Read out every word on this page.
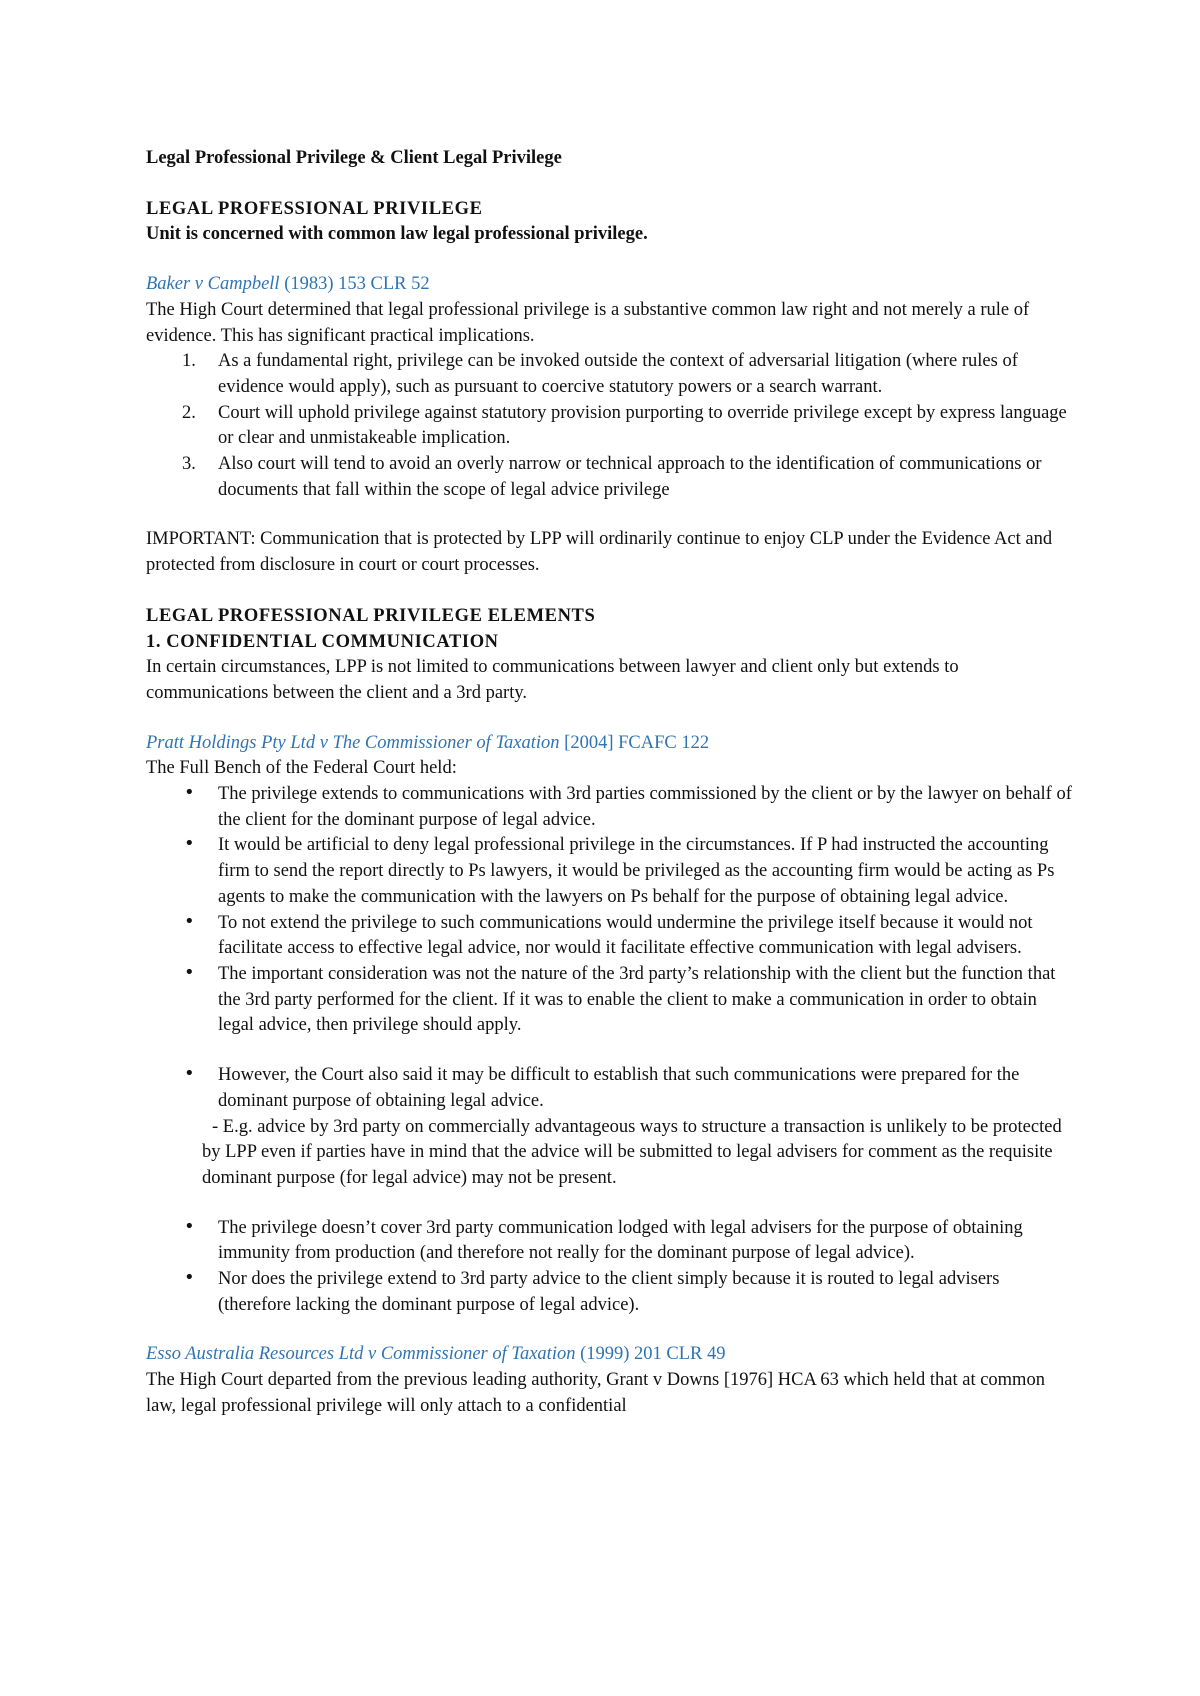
Legal Professional Privilege & Client Legal Privilege

LEGAL PROFESSIONAL PRIVILEGE

Unit is concerned with common law legal professional privilege.

Baker v Campbell (1983) 153 CLR 52

The High Court determined that legal professional privilege is a substantive common law right and not merely a rule of evidence. This has significant practical implications.

1. As a fundamental right, privilege can be invoked outside the context of adversarial litigation (where rules of evidence would apply), such as pursuant to coercive statutory powers or a search warrant.
2. Court will uphold privilege against statutory provision purporting to override privilege except by express language or clear and unmistakeable implication.
3. Also court will tend to avoid an overly narrow or technical approach to the identification of communications or documents that fall within the scope of legal advice privilege

IMPORTANT: Communication that is protected by LPP will ordinarily continue to enjoy CLP under the Evidence Act and protected from disclosure in court or court processes.

LEGAL PROFESSIONAL PRIVILEGE ELEMENTS

1. CONFIDENTIAL COMMUNICATION

In certain circumstances, LPP is not limited to communications between lawyer and client only but extends to communications between the client and a 3rd party.

Pratt Holdings Pty Ltd v The Commissioner of Taxation [2004] FCAFC 122

The Full Bench of the Federal Court held:

• The privilege extends to communications with 3rd parties commissioned by the client or by the lawyer on behalf of the client for the dominant purpose of legal advice.
• It would be artificial to deny legal professional privilege in the circumstances. If P had instructed the accounting firm to send the report directly to Ps lawyers, it would be privileged as the accounting firm would be acting as Ps agents to make the communication with the lawyers on Ps behalf for the purpose of obtaining legal advice.
• To not extend the privilege to such communications would undermine the privilege itself because it would not facilitate access to effective legal advice, nor would it facilitate effective communication with legal advisers.
• The important consideration was not the nature of the 3rd party’s relationship with the client but the function that the 3rd party performed for the client. If it was to enable the client to make a communication in order to obtain legal advice, then privilege should apply.
• However, the Court also said it may be difficult to establish that such communications were prepared for the dominant purpose of obtaining legal advice.

- E.g. advice by 3rd party on commercially advantageous ways to structure a transaction is unlikely to be protected by LPP even if parties have in mind that the advice will be submitted to legal advisers for comment as the requisite dominant purpose (for legal advice) may not be present.

• The privilege doesn’t cover 3rd party communication lodged with legal advisers for the purpose of obtaining immunity from production (and therefore not really for the dominant purpose of legal advice).
• Nor does the privilege extend to 3rd party advice to the client simply because it is routed to legal advisers (therefore lacking the dominant purpose of legal advice).

Esso Australia Resources Ltd v Commissioner of Taxation (1999) 201 CLR 49

The High Court departed from the previous leading authority, Grant v Downs [1976] HCA 63 which held that at common law, legal professional privilege will only attach to a confidential
